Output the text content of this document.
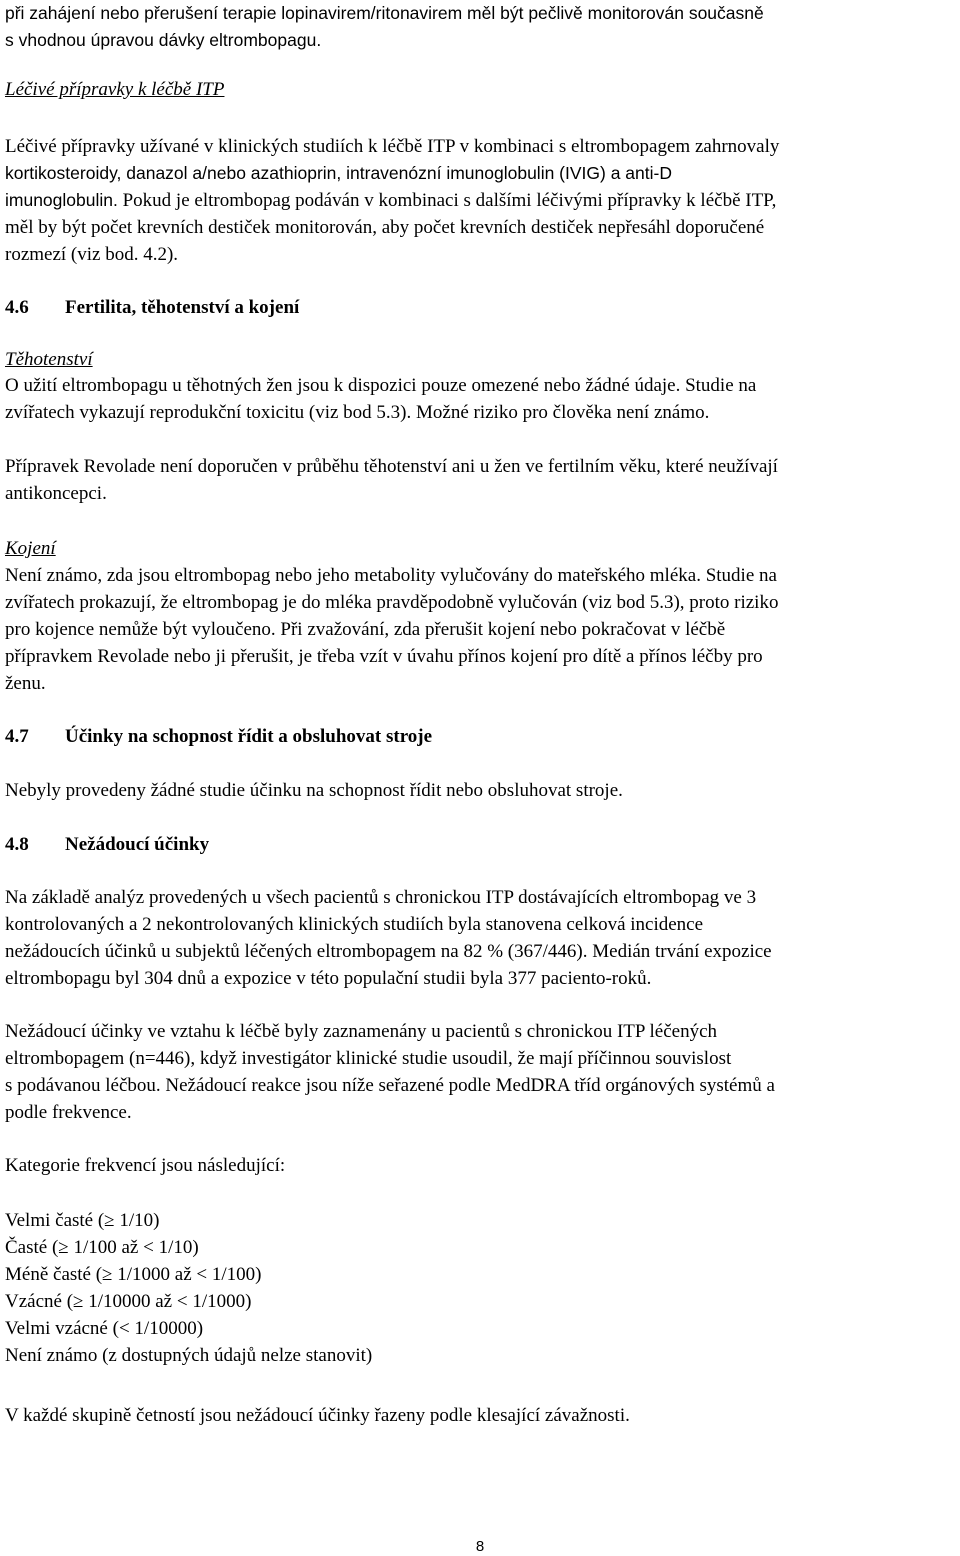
při zahájení nebo přerušení terapie lopinavirem/ritonavirem měl být pečlivě monitorován současně
s vhodnou úpravou dávky eltrombopagu.
Léčivé přípravky k léčbě ITP
Léčivé přípravky užívané v klinických studiích k léčbě ITP v kombinaci s eltrombopagem zahrnovaly
kortikosteroidy, danazol a/nebo azathioprin, intravenózní imunoglobulin (IVIG) a anti-D
imunoglobulin. Pokud je eltrombopag podáván v kombinaci s dalšími léčivými přípravky k léčbě ITP,
měl by být počet krevních destiček monitorován, aby počet krevních destiček nepřesáhl doporučené
rozmezí (viz bod. 4.2).
4.6 Fertilita, těhotenství a kojení
Těhotenství
O užití eltrombopagu u těhotných žen jsou k dispozici pouze omezené nebo žádné údaje. Studie na
zvířatech vykazují reprodukční toxicitu (viz bod 5.3). Možné riziko pro člověka není známo.
Přípravek Revolade není doporučen v průběhu těhotenství ani u žen ve fertilním věku, které neužívají
antikoncepci.
Kojení
Není známo, zda jsou eltrombopag nebo jeho metabolity vylučovány do mateřského mléka. Studie na
zvířatech prokazují, že eltrombopag je do mléka pravděpodobně vylučován (viz bod 5.3), proto riziko
pro kojence nemůže být vyloučeno. Při zvažování, zda přerušit kojení nebo pokračovat v léčbě
přípravkem Revolade nebo ji přerušit, je třeba vzít v úvahu přínos kojení pro dítě a přínos léčby pro
ženu.
4.7 Účinky na schopnost řídit a obsluhovat stroje
Nebyly provedeny žádné studie účinku na schopnost řídit nebo obsluhovat stroje.
4.8 Nežádoucí účinky
Na základě analýz provedených u všech pacientů s chronickou ITP dostávajících eltrombopag ve 3
kontrolovaných a 2 nekontrolovaných klinických studiích byla stanovena celková incidence
nežádoucích účinků u subjektů léčených eltrombopagem na 82 % (367/446). Medián trvání expozice
eltrombopagu byl 304 dnů a expozice v této populační studii byla 377 paciento-roků.
Nežádoucí účinky ve vztahu k léčbě byly zaznamenány u pacientů s chronickou ITP léčených
eltrombopagem (n=446), když investigátor klinické studie usoudil, že mají příčinnou souvislost
s podávanou léčbou. Nežádoucí reakce jsou níže seřazené podle MedDRA tříd orgánových systémů a
podle frekvence.
Kategorie frekvencí jsou následující:
Velmi časté (≥ 1/10)
Časté (≥ 1/100 až < 1/10)
Méně časté (≥ 1/1000 až < 1/100)
Vzácné (≥ 1/10000 až < 1/1000)
Velmi vzácné (< 1/10000)
Není známo (z dostupných údajů nelze stanovit)
V každé skupině četností jsou nežádoucí účinky řazeny podle klesající závažnosti.
8
